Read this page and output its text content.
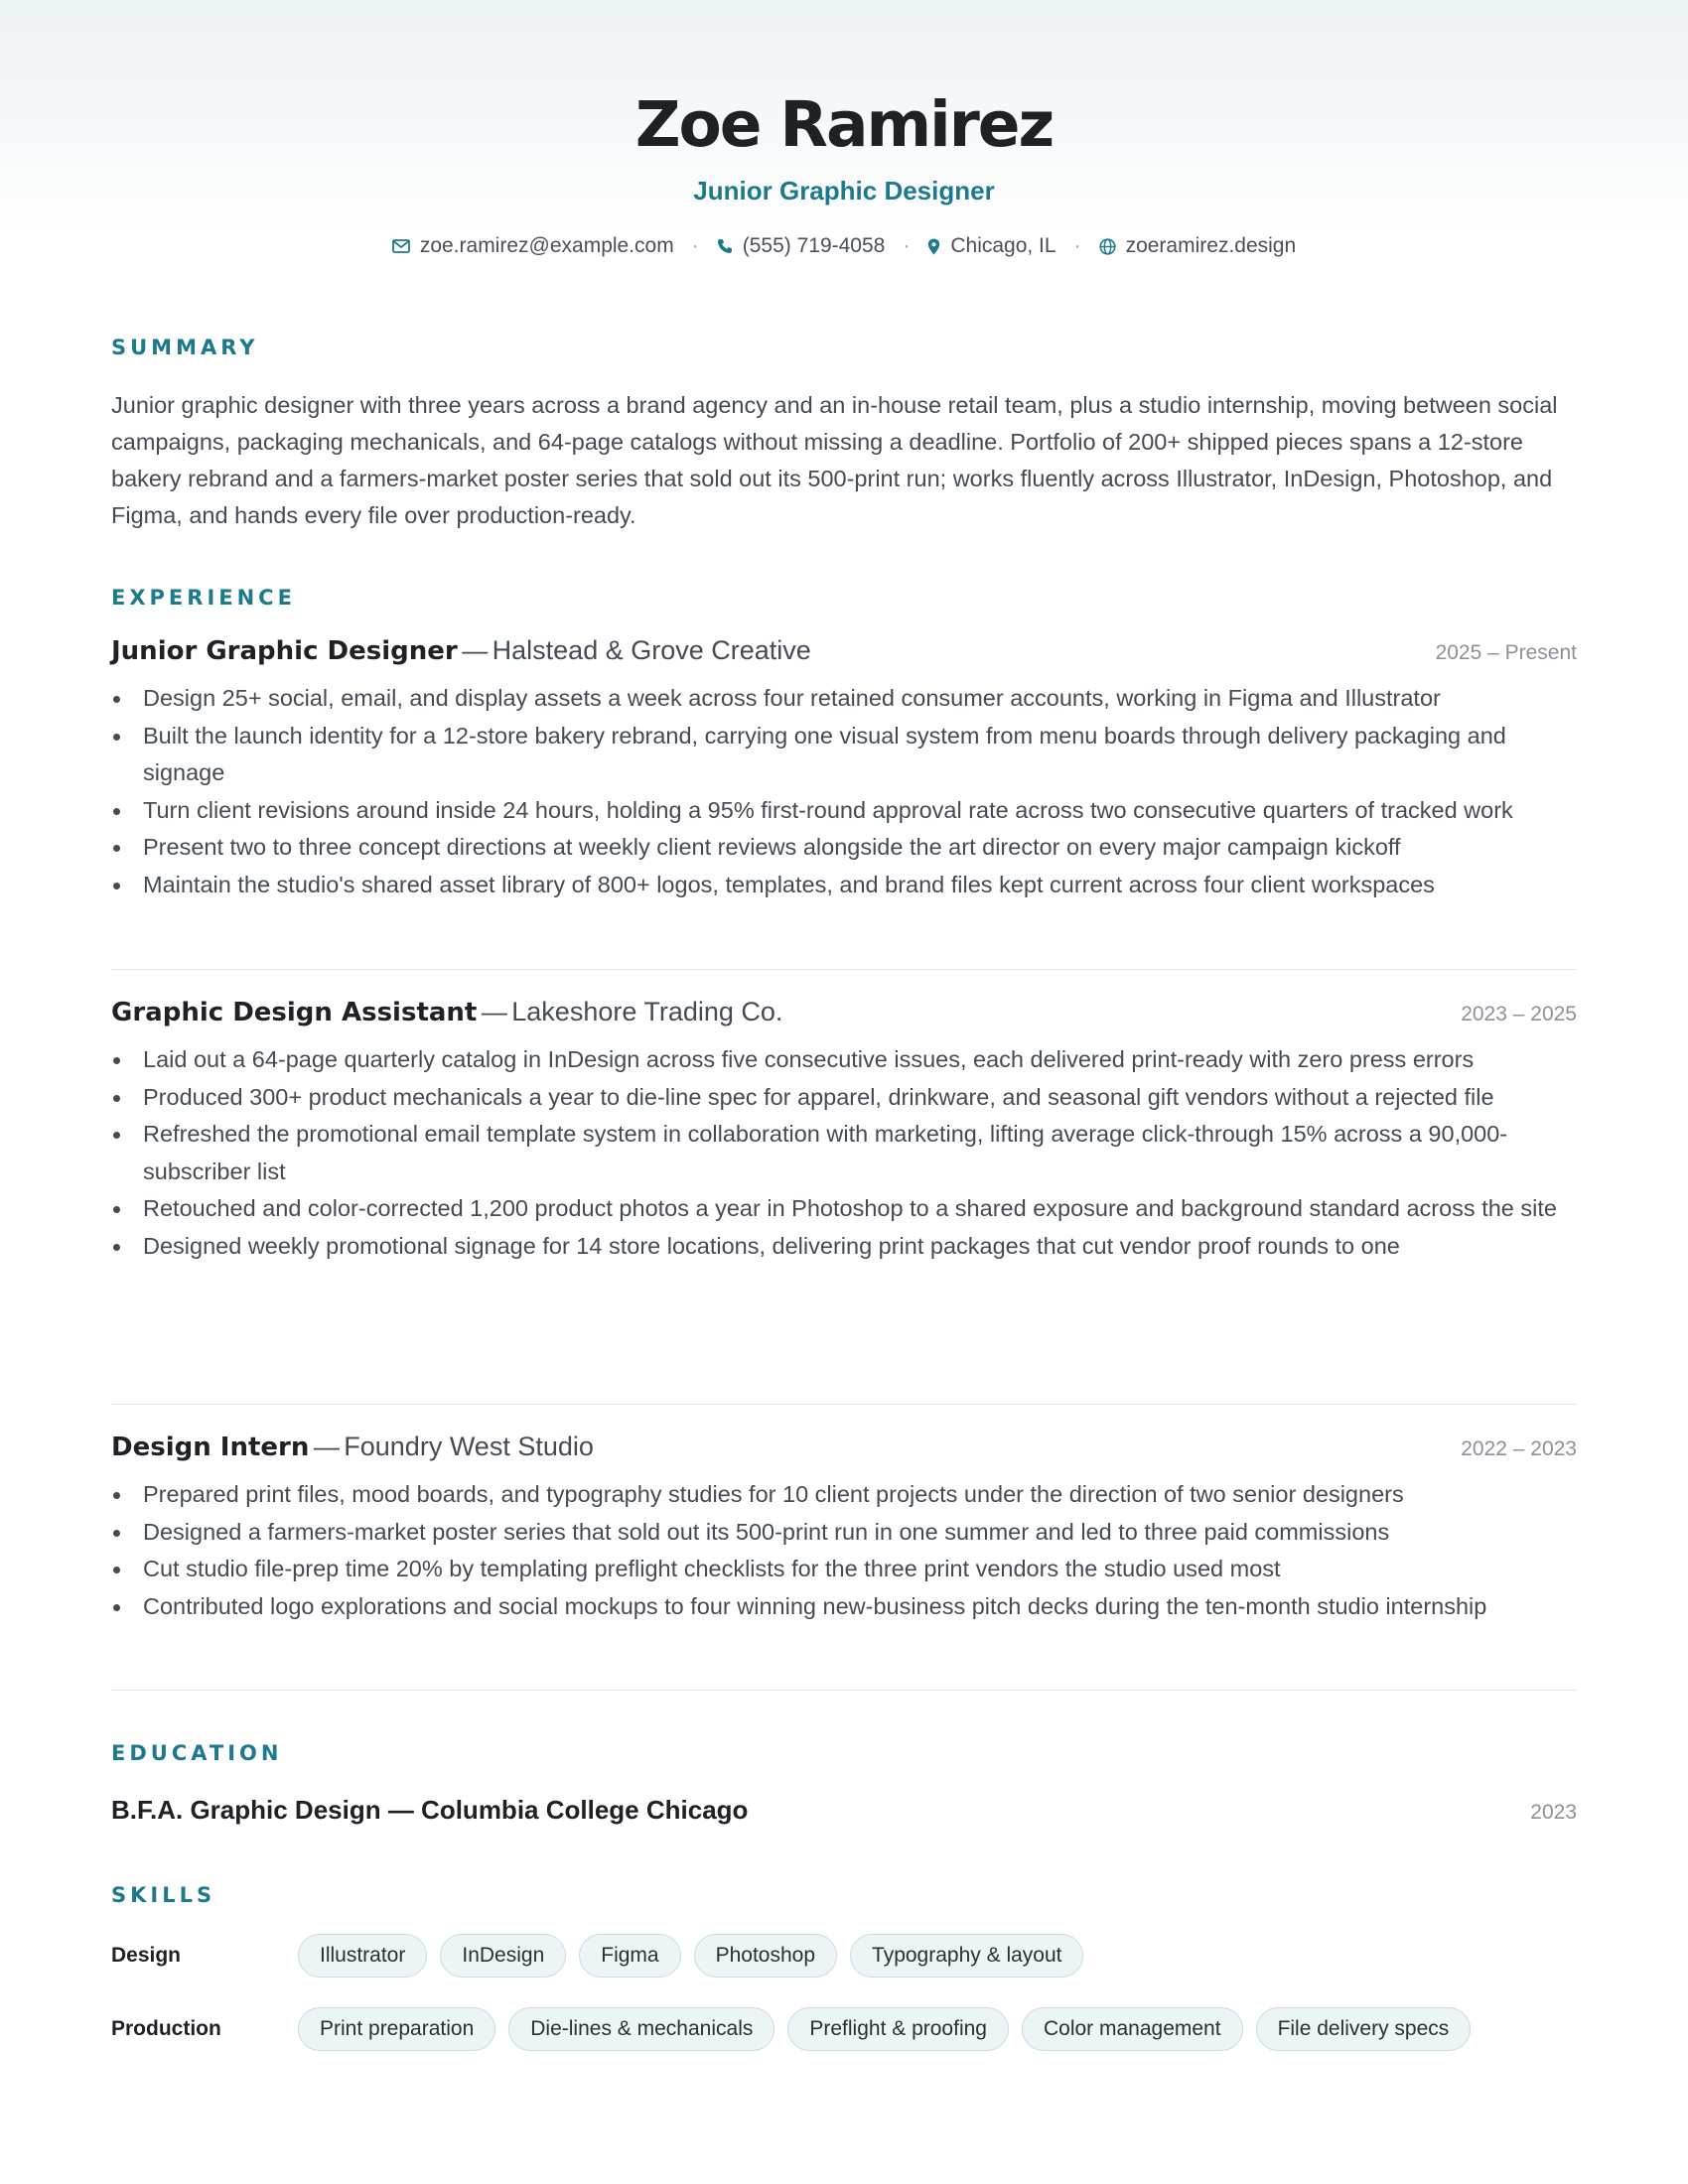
Zoe Ramirez
Junior Graphic Designer
zoe.ramirez@example.com · (555) 719-4058 · Chicago, IL · zoeramirez.design
SUMMARY

Junior graphic designer with three years across a brand agency and an in-house retail team, plus a studio internship, moving between social campaigns, packaging mechanicals, and 64-page catalogs without missing a deadline. Portfolio of 200+ shipped pieces spans a 12-store bakery rebrand and a farmers-market poster series that sold out its 500-print run; works fluently across Illustrator, InDesign, Photoshop, and Figma, and hands every file over production-ready.

EXPERIENCE
Junior Graphic Designer — Halstead & Grove Creative	2025 – Present
Design 25+ social, email, and display assets a week across four retained consumer accounts, working in Figma and Illustrator
Built the launch identity for a 12-store bakery rebrand, carrying one visual system from menu boards through delivery packaging and signage
Turn client revisions around inside 24 hours, holding a 95% first-round approval rate across two consecutive quarters of tracked work
Present two to three concept directions at weekly client reviews alongside the art director on every major campaign kickoff
Maintain the studio's shared asset library of 800+ logos, templates, and brand files kept current across four client workspaces
Graphic Design Assistant — Lakeshore Trading Co.	2023 – 2025
Laid out a 64-page quarterly catalog in InDesign across five consecutive issues, each delivered print-ready with zero press errors
Produced 300+ product mechanicals a year to die-line spec for apparel, drinkware, and seasonal gift vendors without a rejected file
Refreshed the promotional email template system in collaboration with marketing, lifting average click-through 15% across a 90,000-subscriber list
Retouched and color-corrected 1,200 product photos a year in Photoshop to a shared exposure and background standard across the site
Designed weekly promotional signage for 14 store locations, delivering print packages that cut vendor proof rounds to one
Design Intern — Foundry West Studio	2022 – 2023
Prepared print files, mood boards, and typography studies for 10 client projects under the direction of two senior designers
Designed a farmers-market poster series that sold out its 500-print run in one summer and led to three paid commissions
Cut studio file-prep time 20% by templating preflight checklists for the three print vendors the studio used most
Contributed logo explorations and social mockups to four winning new-business pitch decks during the ten-month studio internship
EDUCATION
B.F.A. Graphic Design — Columbia College Chicago	2023
SKILLS
Design	Illustrator	InDesign	Figma	Photoshop	Typography & layout
Production	Print preparation	Die-lines & mechanicals	Preflight & proofing	Color management	File delivery specs
